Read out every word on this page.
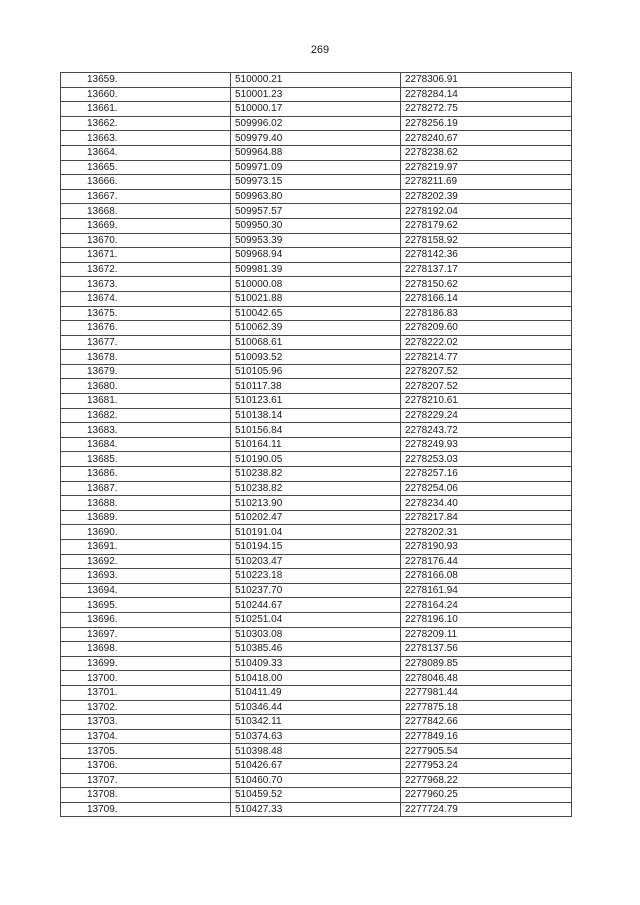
269
13659.	510000.21	2278306.91
13660.	510001.23	2278284.14
13661.	510000.17	2278272.75
13662.	509996.02	2278256.19
13663.	509979.40	2278240.67
13664.	509964.88	2278238.62
13665.	509971.09	2278219.97
13666.	509973.15	2278211.69
13667.	509963.80	2278202.39
13668.	509957.57	2278192.04
13669.	509950.30	2278179.62
13670.	509953.39	2278158.92
13671.	509968.94	2278142.36
13672.	509981.39	2278137.17
13673.	510000.08	2278150.62
13674.	510021.88	2278166.14
13675.	510042.65	2278186.83
13676.	510062.39	2278209.60
13677.	510068.61	2278222.02
13678.	510093.52	2278214.77
13679.	510105.96	2278207.52
13680.	510117.38	2278207.52
13681.	510123.61	2278210.61
13682.	510138.14	2278229.24
13683.	510156.84	2278243.72
13684.	510164.11	2278249.93
13685.	510190.05	2278253.03
13686.	510238.82	2278257.16
13687.	510238.82	2278254.06
13688.	510213.90	2278234.40
13689.	510202.47	2278217.84
13690.	510191.04	2278202.31
13691.	510194.15	2278190.93
13692.	510203.47	2278176.44
13693.	510223.18	2278166.08
13694.	510237.70	2278161.94
13695.	510244.67	2278164.24
13696.	510251.04	2278196.10
13697.	510303.08	2278209.11
13698.	510385.46	2278137.56
13699.	510409.33	2278089.85
13700.	510418.00	2278046.48
13701.	510411.49	2277981.44
13702.	510346.44	2277875.18
13703.	510342.11	2277842.66
13704.	510374.63	2277849.16
13705.	510398.48	2277905.54
13706.	510426.67	2277953.24
13707.	510460.70	2277968.22
13708.	510459.52	2277960.25
13709.	510427.33	2277724.79
